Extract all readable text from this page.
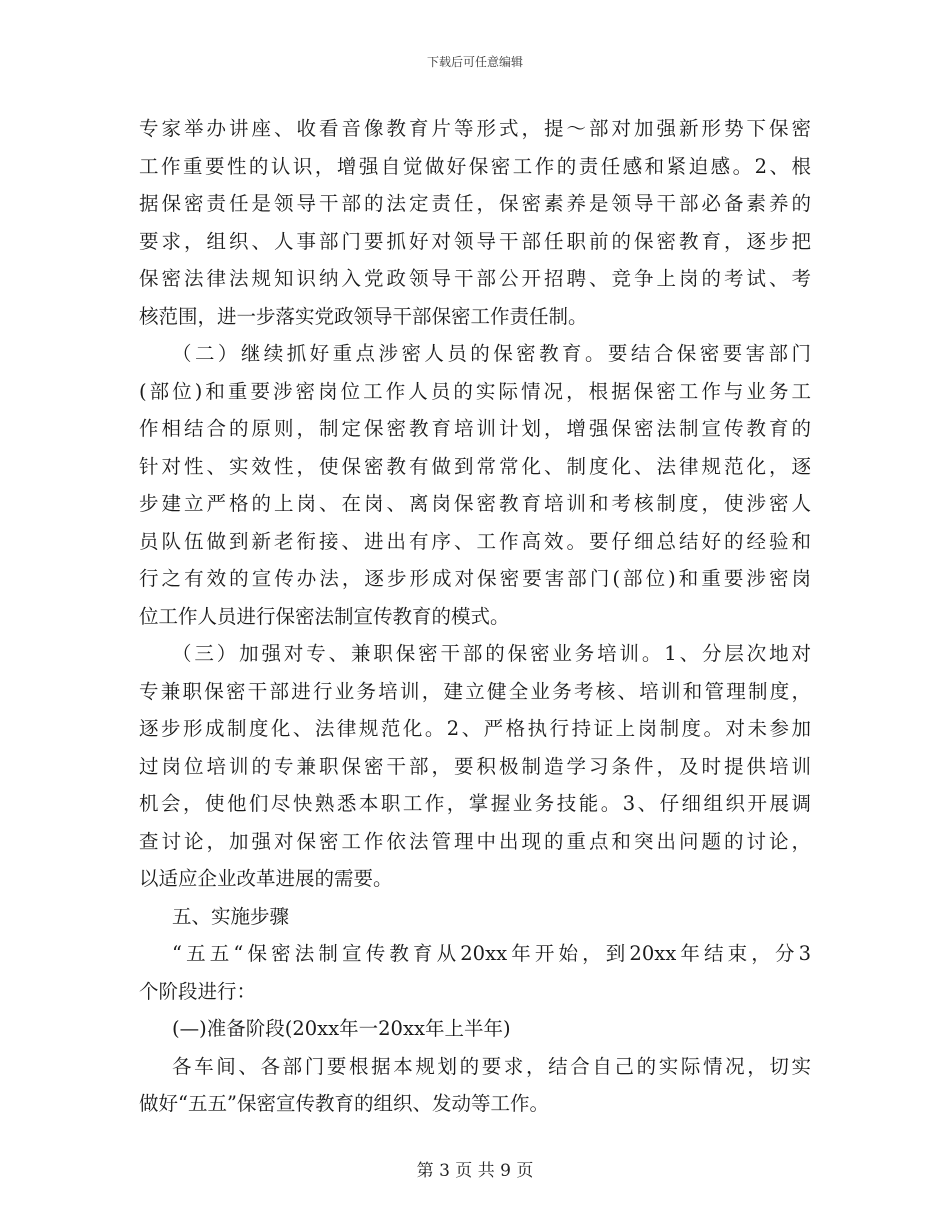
下载后可任意编辑
专家举办讲座、收看音像教育片等形式，提～部对加强新形势下保密
工作重要性的认识，增强自觉做好保密工作的责任感和紧迫感。2、根
据保密责任是领导干部的法定责任，保密素养是领导干部必备素养的
要求，组织、人事部门要抓好对领导干部任职前的保密教育，逐步把
保密法律法规知识纳入党政领导干部公开招聘、竞争上岗的考试、考
核范围，进一步落实党政领导干部保密工作责任制。
（二）继续抓好重点涉密人员的保密教育。要结合保密要害部门
(部位)和重要涉密岗位工作人员的实际情况，根据保密工作与业务工
作相结合的原则，制定保密教育培训计划，增强保密法制宣传教育的
针对性、实效性，使保密教有做到常常化、制度化、法律规范化，逐
步建立严格的上岗、在岗、离岗保密教育培训和考核制度，使涉密人
员队伍做到新老衔接、进出有序、工作高效。要仔细总结好的经验和
行之有效的宣传办法，逐步形成对保密要害部门(部位)和重要涉密岗
位工作人员进行保密法制宣传教育的模式。
（三）加强对专、兼职保密干部的保密业务培训。1、分层次地对
专兼职保密干部进行业务培训，建立健全业务考核、培训和管理制度，
逐步形成制度化、法律规范化。2、严格执行持证上岗制度。对未参加
过岗位培训的专兼职保密干部，要积极制造学习条件，及时提供培训
机会，使他们尽快熟悉本职工作，掌握业务技能。3、仔细组织开展调
查讨论，加强对保密工作依法管理中出现的重点和突出问题的讨论，
以适应企业改革进展的需要。
五、实施步骤
“五五“保密法制宣传教育从20xx年开始，到20xx年结束，分3
个阶段进行：
(—)准备阶段(20xx年一20xx年上半年)
各车间、各部门要根据本规划的要求，结合自己的实际情况，切实
做好“五五”保密宣传教育的组织、发动等工作。
第 3 页 共 9 页
